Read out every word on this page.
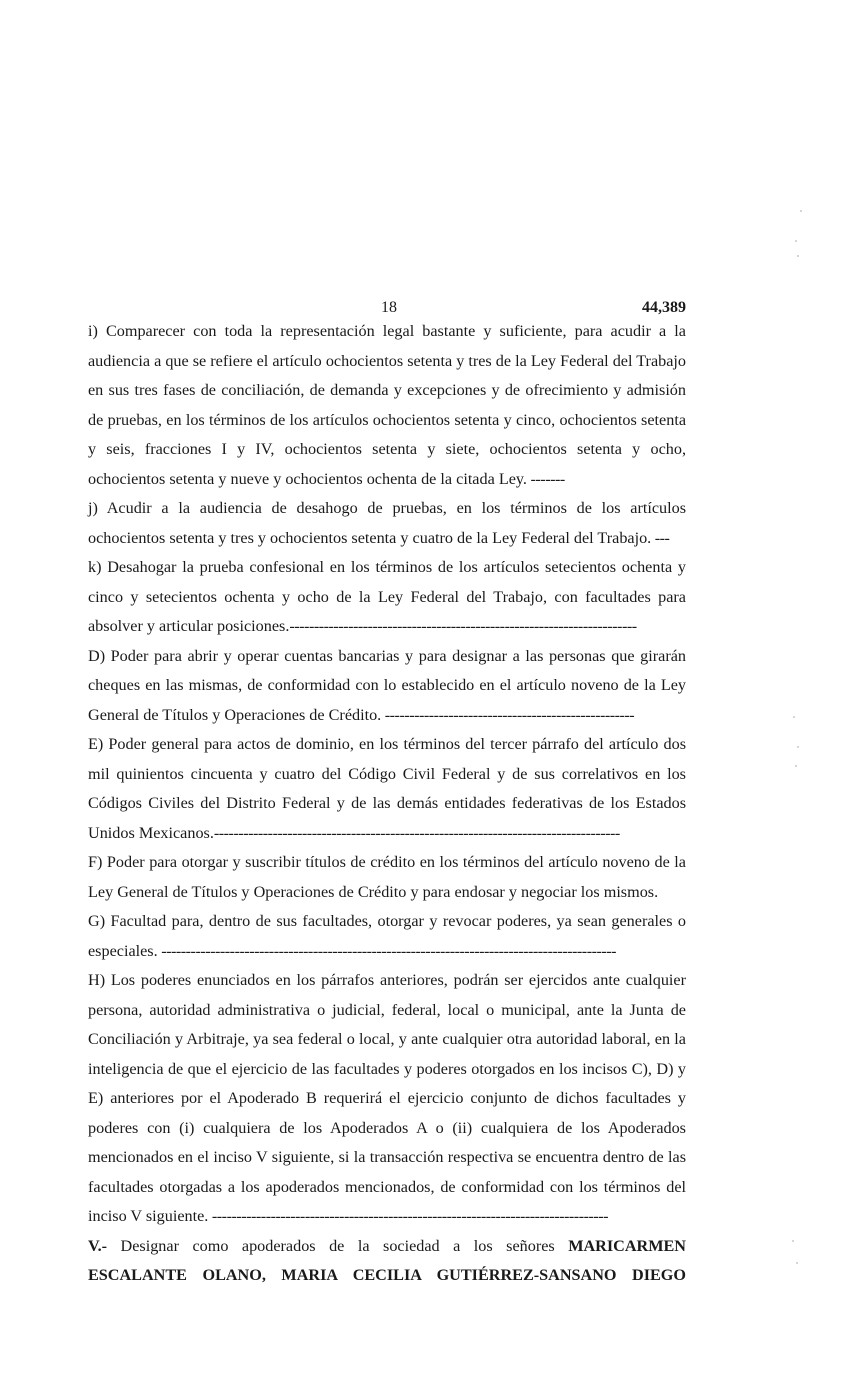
18	44,389

i) Comparecer con toda la representación legal bastante y suficiente, para acudir a la audiencia a que se refiere el artículo ochocientos setenta y tres de la Ley Federal del Trabajo en sus tres fases de conciliación, de demanda y excepciones y de ofrecimiento y admisión de pruebas, en los términos de los artículos ochocientos setenta y cinco, ochocientos setenta y seis, fracciones I y IV, ochocientos setenta y siete, ochocientos setenta y ocho, ochocientos setenta y nueve y ochocientos ochenta de la citada Ley. -------

j) Acudir a la audiencia de desahogo de pruebas, en los términos de los artículos ochocientos setenta y tres y ochocientos setenta y cuatro de la Ley Federal del Trabajo. ---

k) Desahogar la prueba confesional en los términos de los artículos setecientos ochenta y cinco y setecientos ochenta y ocho de la Ley Federal del Trabajo, con facultades para absolver y articular posiciones.-----------------------------------------------------------------------

D) Poder para abrir y operar cuentas bancarias y para designar a las personas que girarán cheques en las mismas, de conformidad con lo establecido en el artículo noveno de la Ley General de Títulos y Operaciones de Crédito. ---------------------------------------------------

E) Poder general para actos de dominio, en los términos del tercer párrafo del artículo dos mil quinientos cincuenta y cuatro del Código Civil Federal y de sus correlativos en los Códigos Civiles del Distrito Federal y de las demás entidades federativas de los Estados Unidos Mexicanos.-----------------------------------------------------------------------------------

F) Poder para otorgar y suscribir títulos de crédito en los términos del artículo noveno de la Ley General de Títulos y Operaciones de Crédito y para endosar y negociar los mismos.

G) Facultad para, dentro de sus facultades, otorgar y revocar poderes, ya sean generales o especiales. ---------------------------------------------------------------------------------------------

H) Los poderes enunciados en los párrafos anteriores, podrán ser ejercidos ante cualquier persona, autoridad administrativa o judicial, federal, local o municipal, ante la Junta de Conciliación y Arbitraje, ya sea federal o local, y ante cualquier otra autoridad laboral, en la inteligencia de que el ejercicio de las facultades y poderes otorgados en los incisos C), D) y E) anteriores por el Apoderado B requerirá el ejercicio conjunto de dichos facultades y poderes con (i) cualquiera de los Apoderados A o (ii) cualquiera de los Apoderados mencionados en el inciso V siguiente, si la transacción respectiva se encuentra dentro de las facultades otorgadas a los apoderados mencionados, de conformidad con los términos del inciso V siguiente. ---------------------------------------------------------------------------------

V.- Designar como apoderados de la sociedad a los señores MARICARMEN ESCALANTE OLANO, MARIA CECILIA GUTIÉRREZ-SANSANO DIEGO
